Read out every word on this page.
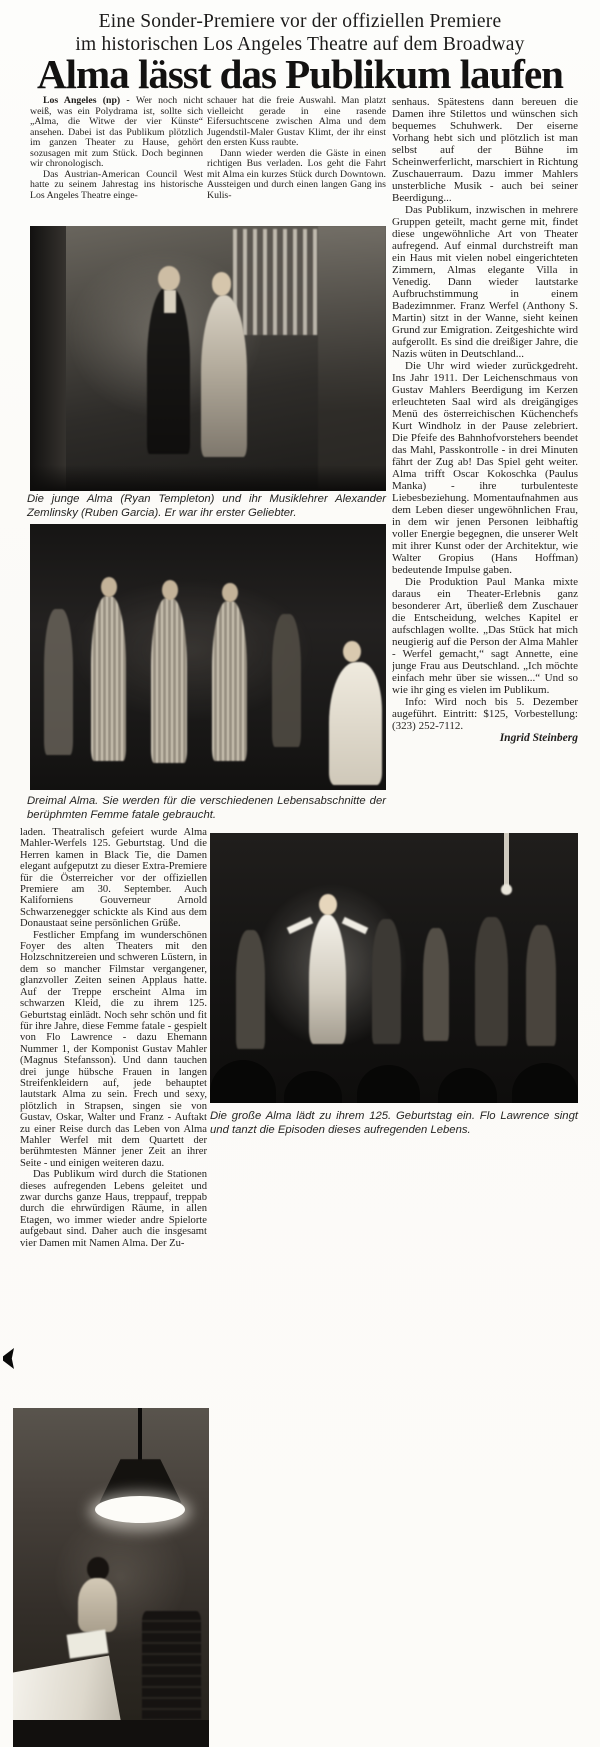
Eine Sonder-Premiere vor der offiziellen Premiere
im historischen Los Angeles Theatre auf dem Broadway
Alma lässt das Publikum laufen

Los Angeles (np) - Wer noch nicht weiß, was ein Polydrama ist, sollte sich „Alma, die Witwe der vier Künste“ ansehen. Dabei ist das Publikum plötzlich im ganzen Theater zu Hause, gehört sozusagen mit zum Stück. Doch beginnen wir chronologisch.

Das Austrian-American Council West hatte zu seinem Jahrestag ins historische Los Angeles Theatre einge-

schauer hat die freie Auswahl. Man platzt vielleicht gerade in eine rasende Eifersuchtscene zwischen Alma und dem Jugendstil-Maler Gustav Klimt, der ihr einst den ersten Kuss raubte.

Dann wieder werden die Gäste in einen richtigen Bus verladen. Los geht die Fahrt mit Alma ein kurzes Stück durch Downtown. Aussteigen und durch einen langen Gang ins Kulis-

senhaus. Spätestens dann bereuen die Damen ihre Stilettos und wünschen sich bequemes Schuhwerk. Der eiserne Vorhang hebt sich und plötzlich ist man selbst auf der Bühne im Scheinwerferlicht, marschiert in Richtung Zuschauerraum. Dazu immer Mahlers unsterbliche Musik - auch bei seiner Beerdigung...

Das Publikum, inzwischen in mehrere Gruppen geteilt, macht gerne mit, findet diese ungewöhnliche Art von Theater aufregend. Auf einmal durchstreift man ein Haus mit vielen nobel eingerichteten Zimmern, Almas elegante Villa in Venedig. Dann wieder lautstarke Aufbruchstimmung in einem Badezimnmer. Franz Werfel (Anthony S. Martin) sitzt in der Wanne, sieht keinen Grund zur Emigration. Zeitgeshichte wird aufgerollt. Es sind die dreißiger Jahre, die Nazis wüten in Deutschland...

Die Uhr wird wieder zurückgedreht. Ins Jahr 1911. Der Leichenschmaus von Gustav Mahlers Beerdigung im Kerzen erleuchteten Saal wird als dreigängiges Menü des österreichischen Küchenchefs Kurt Windholz in der Pause zelebriert. Die Pfeife des Bahnhofvorstehers beendet das Mahl, Passkontrolle - in drei Minuten fährt der Zug ab! Das Spiel geht weiter. Alma trifft Oscar Kokoschka (Paulus Manka) - ihre turbulenteste Liebesbeziehung. Momentaufnahmen aus dem Leben dieser ungewöhnlichen Frau, in dem wir jenen Personen leibhaftig voller Energie begegnen, die unserer Welt mit ihrer Kunst oder der Architektur, wie Walter Gropius (Hans Hoffman) bedeutende Impulse gaben.

Die Produktion Paul Manka mixte daraus ein Theater-Erlebnis ganz besonderer Art, überließ dem Zuschauer die Entscheidung, welches Kapitel er aufschlagen wollte. „Das Stück hat mich neugierig auf die Person der Alma Mahler - Werfel gemacht,“ sagt Annette, eine junge Frau aus Deutschland. „Ich möchte einfach mehr über sie wissen...“ Und so wie ihr ging es vielen im Publikum.

Info: Wird noch bis 5. Dezember augeführt. Eintritt: $125, Vorbestellung: (323) 252-7112.

Ingrid Steinberg

Die junge Alma (Ryan Templeton) und ihr Musiklehrer Alexander Zemlinsky (Ruben Garcia). Er war ihr erster Geliebter.
Dreimal Alma. Sie werden für die verschiedenen Lebensabschnitte der berüphmten Femme fatale gebraucht.

laden. Theatralisch gefeiert wurde Alma Mahler-Werfels 125. Geburtstag. Und die Herren kamen in Black Tie, die Damen elegant aufgeputzt zu dieser Extra-Premiere für die Österreicher vor der offiziellen Premiere am 30. September. Auch Kaliforniens Gouverneur Arnold Schwarzenegger schickte als Kind aus dem Donaustaat seine persönlichen Grüße.

Festlicher Empfang im wunderschönen Foyer des alten Theaters mit den Holzschnitzereien und schweren Lüstern, in dem so mancher Filmstar vergangener, glanzvoller Zeiten seinen Applaus hatte. Auf der Treppe erscheint Alma im schwarzen Kleid, die zu ihrem 125. Geburtstag einlädt. Noch sehr schön und fit für ihre Jahre, diese Femme fatale - gespielt von Flo Lawrence - dazu Ehemann Nummer 1, der Komponist Gustav Mahler (Magnus Stefansson). Und dann tauchen drei junge hübsche Frauen in langen Streifenkleidern auf, jede behauptet lautstark Alma zu sein. Frech und sexy, plötzlich in Strapsen, singen sie von Gustav, Oskar, Walter und Franz - Auftakt zu einer Reise durch das Leben von Alma Mahler Werfel mit dem Quartett der berühmtesten Männer jener Zeit an ihrer Seite - und einigen weiteren dazu.

Das Publikum wird durch die Stationen dieses aufregenden Lebens geleitet und zwar durchs ganze Haus, treppauf, treppab durch die ehrwürdigen Räume, in allen Etagen, wo immer wieder andre Spielorte aufgebaut sind. Daher auch die insgesamt vier Damen mit Namen Alma. Der Zu-

Die große Alma lädt zu ihrem 125. Geburtstag ein. Flo Lawrence singt und tanzt die Episoden dieses aufregenden Lebens.
